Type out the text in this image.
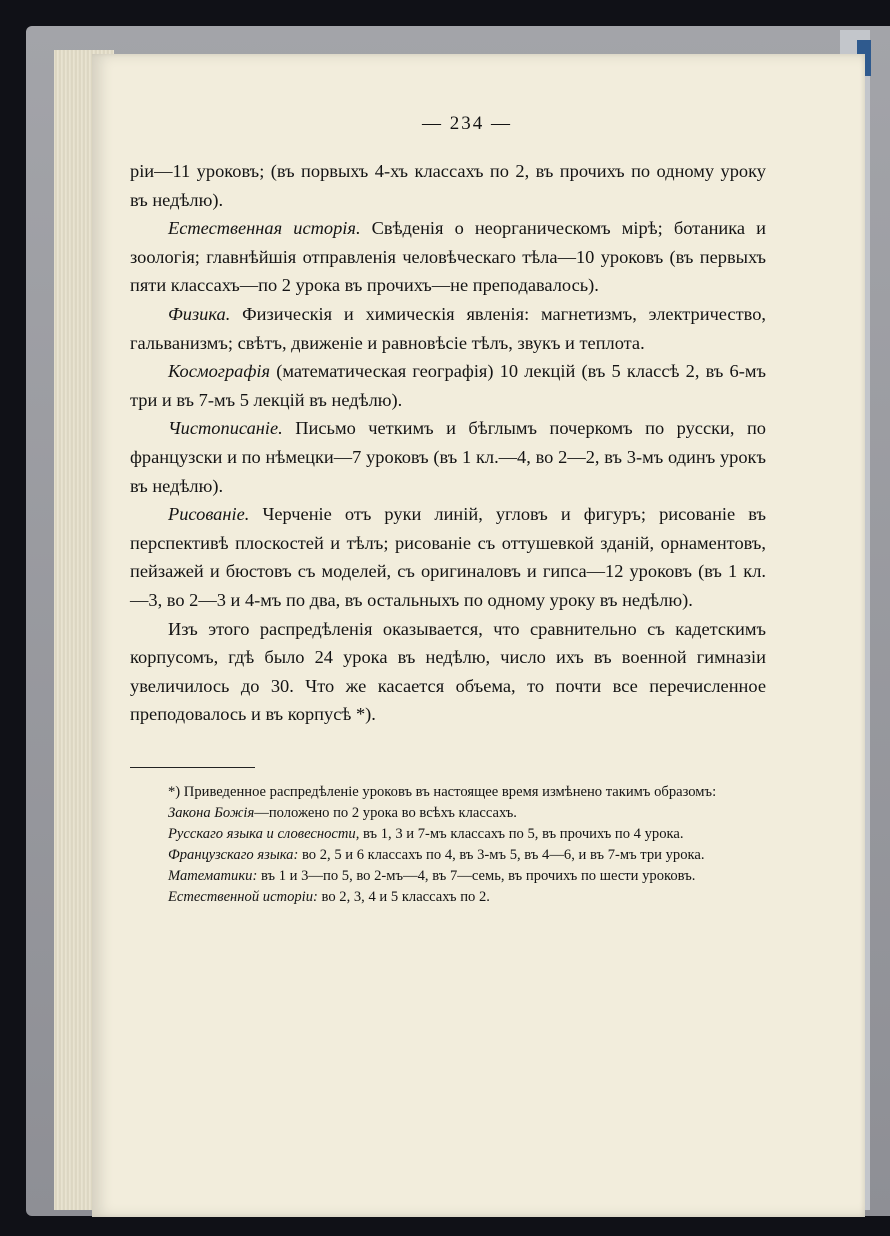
— 234 —

ріи—11 уроковъ; (въ порвыхъ 4-хъ классахъ по 2, въ прочихъ по одному уроку въ недѣлю).

Естественная исторія. Свѣденія о неорганическомъ мірѣ; ботаника и зоологія; главнѣйшія отправленія человѣческаго тѣла—10 уроковъ (въ первыхъ пяти классахъ—по 2 урока въ прочихъ—не преподавалось).

Физика. Физическія и химическія явленія: магнетизмъ, электричество, гальванизмъ; свѣтъ, движеніе и равновѣсіе тѣлъ, звукъ и теплота.

Космографія (математическая географія) 10 лекцій (въ 5 классѣ 2, въ 6-мъ три и въ 7-мъ 5 лекцій въ недѣлю).

Чистописаніе. Письмо четкимъ и бѣглымъ почеркомъ по русски, по французски и по нѣмецки—7 уроковъ (въ 1 кл.—4, во 2—2, въ 3-мъ одинъ урокъ въ недѣлю).

Рисованіе. Черченіе отъ руки линій, угловъ и фигуръ; рисованіе въ перспективѣ плоскостей и тѣлъ; рисованіе съ оттушевкой зданій, орнаментовъ, пейзажей и бюстовъ съ моделей, съ оригиналовъ и гипса—12 уроковъ (въ 1 кл.—3, во 2—3 и 4-мъ по два, въ остальныхъ по одному уроку въ недѣлю).

Изъ этого распредѣленія оказывается, что сравнительно съ кадетскимъ корпусомъ, гдѣ было 24 урока въ недѣлю, число ихъ въ военной гимназіи увеличилось до 30. Что же касается объема, то почти все перечисленное преподовалось и въ корпусѣ *).

*) Приведенное распредѣленіе уроковъ въ настоящее время измѣнено такимъ образомъ:

Закона Божія—положено по 2 урока во всѣхъ классахъ.

Русскаго языка и словесности, въ 1, 3 и 7-мъ классахъ по 5, въ прочихъ по 4 урока.

Французскаго языка: во 2, 5 и 6 классахъ по 4, въ 3-мъ 5, въ 4—6, и въ 7-мъ три урока.

Математики: въ 1 и 3—по 5, во 2-мъ—4, въ 7—семь, въ прочихъ по шести уроковъ.

Естественной исторіи: во 2, 3, 4 и 5 классахъ по 2.
